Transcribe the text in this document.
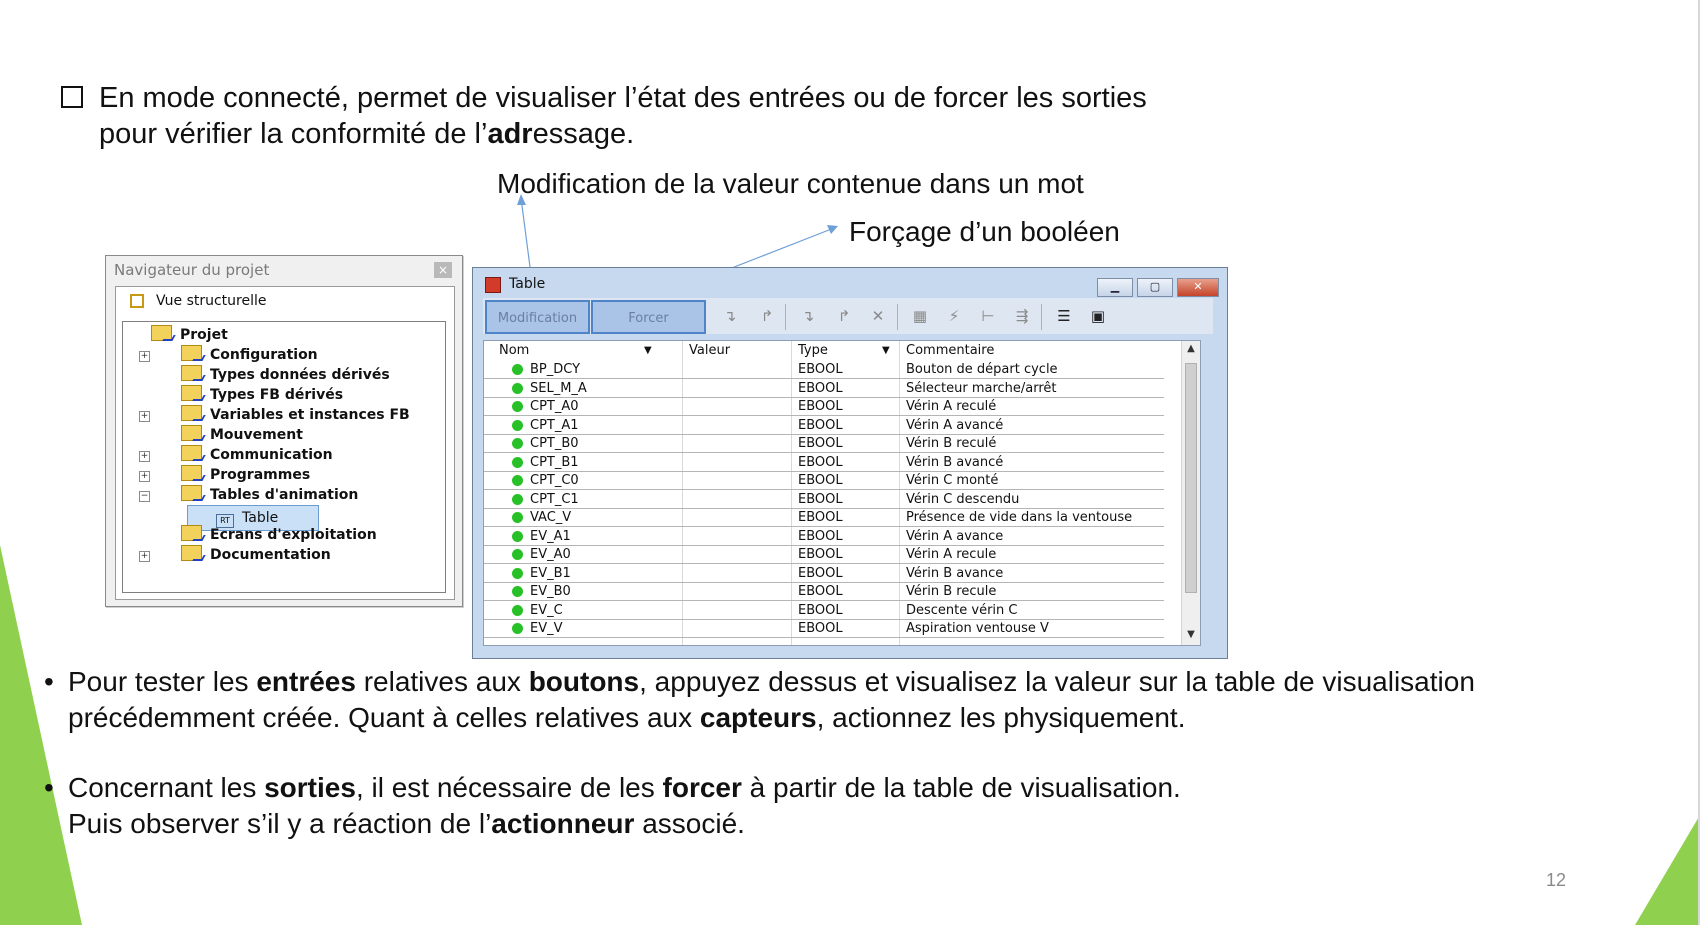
En mode connecté, permet de visualiser l’état des entrées ou de forcer les sorties
pour vérifier la conformité de l’adressage.
Modification de la valeur contenue dans un mot
Forçage d’un booléen
Navigateur du projet	×
Vue structurelle
Projet
+	Configuration
Types données dérivés
Types FB dérivés
+	Variables et instances FB
Mouvement
+	Communication
+	Programmes
−	Tables d'animation
RT Table
Ecrans d'exploitation
+	Documentation
Table	▁	▢	✕
Modification	Forcer	↴ ↱ ↴ ↱ ✕ ▦ ⚡ ⊢ ⇶ ☰ ▣
Nom	▼	Valeur	Type	▼ Commentaire
BP_DCY	EBOOL	Bouton de départ cycle
SEL_M_A	EBOOL	Sélecteur marche/arrêt
CPT_A0	EBOOL	Vérin A reculé
CPT_A1	EBOOL	Vérin A avancé
CPT_B0	EBOOL	Vérin B reculé
CPT_B1	EBOOL	Vérin B avancé
CPT_C0	EBOOL	Vérin C monté
CPT_C1	EBOOL	Vérin C descendu
VAC_V	EBOOL	Présence de vide dans la ventouse
EV_A1	EBOOL	Vérin A avance
EV_A0	EBOOL	Vérin A recule
EV_B1	EBOOL	Vérin B avance
EV_B0	EBOOL	Vérin B recule
EV_C	EBOOL	Descente vérin C
EV_V	EBOOL	Aspiration ventouse V
▲
▼
• Pour tester les entrées relatives aux boutons, appuyez dessus et visualisez la valeur sur la table de visualisation
précédemment créée. Quant à celles relatives aux capteurs, actionnez les physiquement.
• Concernant les sorties, il est nécessaire de les forcer à partir de la table de visualisation.
Puis observer s’il y a réaction de l’actionneur associé.
12
